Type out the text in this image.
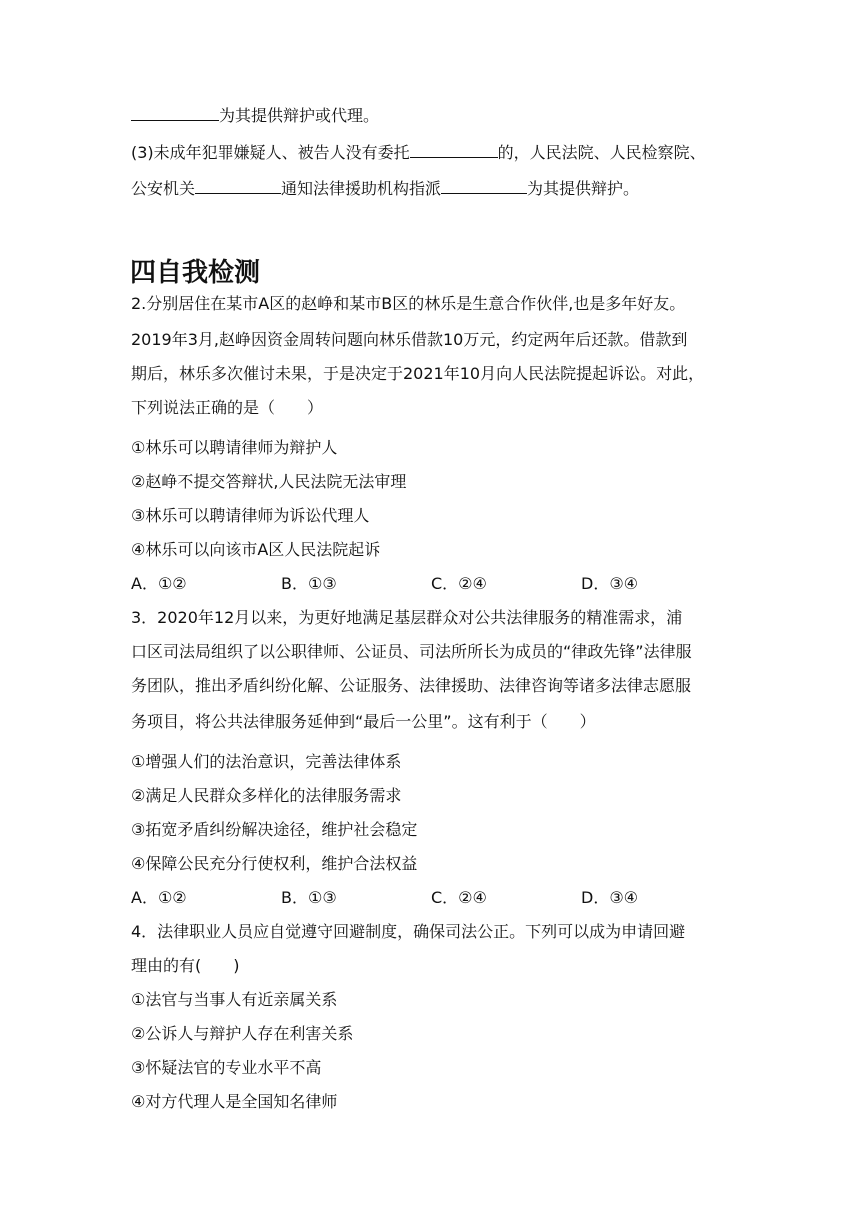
为其提供辩护或代理。
(3)未成年犯罪嫌疑人、被告人没有委托	的，人民法院、人民检察院、
公安机关	通知法律援助机构指派	为其提供辩护。
四自我检测
2.分别居住在某市A区的赵峥和某市B区的林乐是生意合作伙伴,也是多年好友。
2019年3月,赵峥因资金周转问题向林乐借款10万元，约定两年后还款。借款到
期后，林乐多次催讨未果，于是决定于2021年10月向人民法院提起诉讼。对此，
下列说法正确的是（　　）
①林乐可以聘请律师为辩护人
②赵峥不提交答辩状,人民法院无法审理
③林乐可以聘请律师为诉讼代理人
④林乐可以向该市A区人民法院起诉
A．①②	B．①③	C．②④	D．③④
3．2020年12月以来，为更好地满足基层群众对公共法律服务的精准需求，浦
口区司法局组织了以公职律师、公证员、司法所所长为成员的“律政先锋”法律服
务团队，推出矛盾纠纷化解、公证服务、法律援助、法律咨询等诸多法律志愿服
务项目，将公共法律服务延伸到“最后一公里”。这有利于（　　）
①增强人们的法治意识，完善法律体系
②满足人民群众多样化的法律服务需求
③拓宽矛盾纠纷解决途径，维护社会稳定
④保障公民充分行使权利，维护合法权益
A．①②	B．①③	C．②④	D．③④
4．法律职业人员应自觉遵守回避制度，确保司法公正。下列可以成为申请回避
理由的有(　　)
①法官与当事人有近亲属关系
②公诉人与辩护人存在利害关系
③怀疑法官的专业水平不高
④对方代理人是全国知名律师
